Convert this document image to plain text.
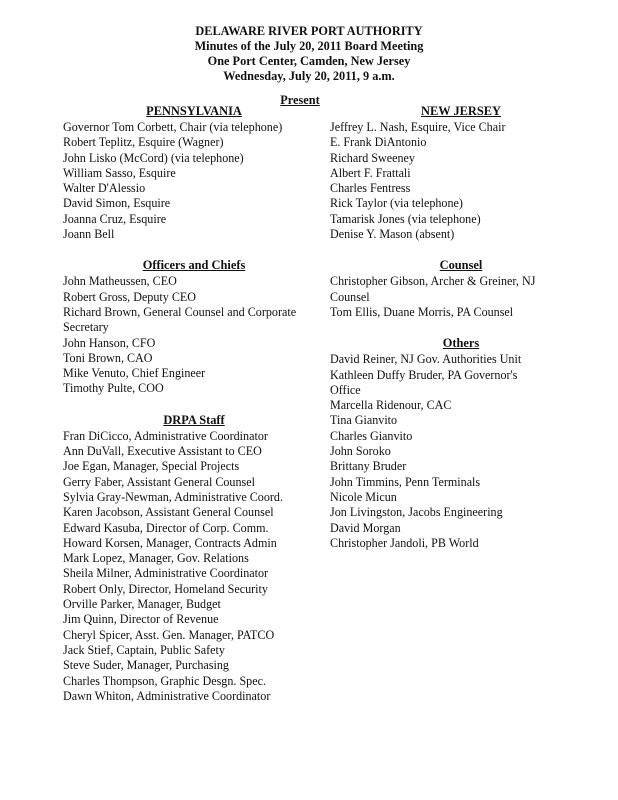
DELAWARE RIVER PORT AUTHORITY
Minutes of the July 20, 2011 Board Meeting
One Port Center, Camden, New Jersey
Wednesday, July 20, 2011, 9 a.m.
Present
PENNSYLVANIA
Governor Tom Corbett, Chair (via telephone)
Robert Teplitz, Esquire (Wagner)
John Lisko (McCord) (via telephone)
William Sasso, Esquire
Walter D'Alessio
David Simon, Esquire
Joanna Cruz, Esquire
Joann Bell
Officers and Chiefs
John Matheussen, CEO
Robert Gross, Deputy CEO
Richard Brown, General Counsel and Corporate
Secretary
John Hanson, CFO
Toni Brown, CAO
Mike Venuto, Chief Engineer
Timothy Pulte, COO
DRPA Staff
Fran DiCicco, Administrative Coordinator
Ann DuVall, Executive Assistant to CEO
Joe Egan, Manager, Special Projects
Gerry Faber, Assistant General Counsel
Sylvia Gray-Newman, Administrative Coord.
Karen Jacobson, Assistant General Counsel
Edward Kasuba, Director of Corp. Comm.
Howard Korsen, Manager, Contracts Admin
Mark Lopez, Manager, Gov. Relations
Sheila Milner, Administrative Coordinator
Robert Only, Director, Homeland Security
Orville Parker, Manager, Budget
Jim Quinn, Director of Revenue
Cheryl Spicer, Asst. Gen. Manager, PATCO
Jack Stief, Captain, Public Safety
Steve Suder, Manager, Purchasing
Charles Thompson, Graphic Desgn. Spec.
Dawn Whiton, Administrative Coordinator
NEW JERSEY
Jeffrey L. Nash, Esquire, Vice Chair
E. Frank DiAntonio
Richard Sweeney
Albert F. Frattali
Charles Fentress
Rick Taylor (via telephone)
Tamarisk Jones (via telephone)
Denise Y. Mason (absent)
Counsel
Christopher Gibson, Archer & Greiner, NJ
Counsel
Tom Ellis, Duane Morris, PA Counsel
Others
David Reiner, NJ Gov. Authorities Unit
Kathleen Duffy Bruder, PA Governor's
Office
Marcella Ridenour, CAC
Tina Gianvito
Charles Gianvito
John Soroko
Brittany Bruder
John Timmins, Penn Terminals
Nicole Micun
Jon Livingston, Jacobs Engineering
David Morgan
Christopher Jandoli, PB World
